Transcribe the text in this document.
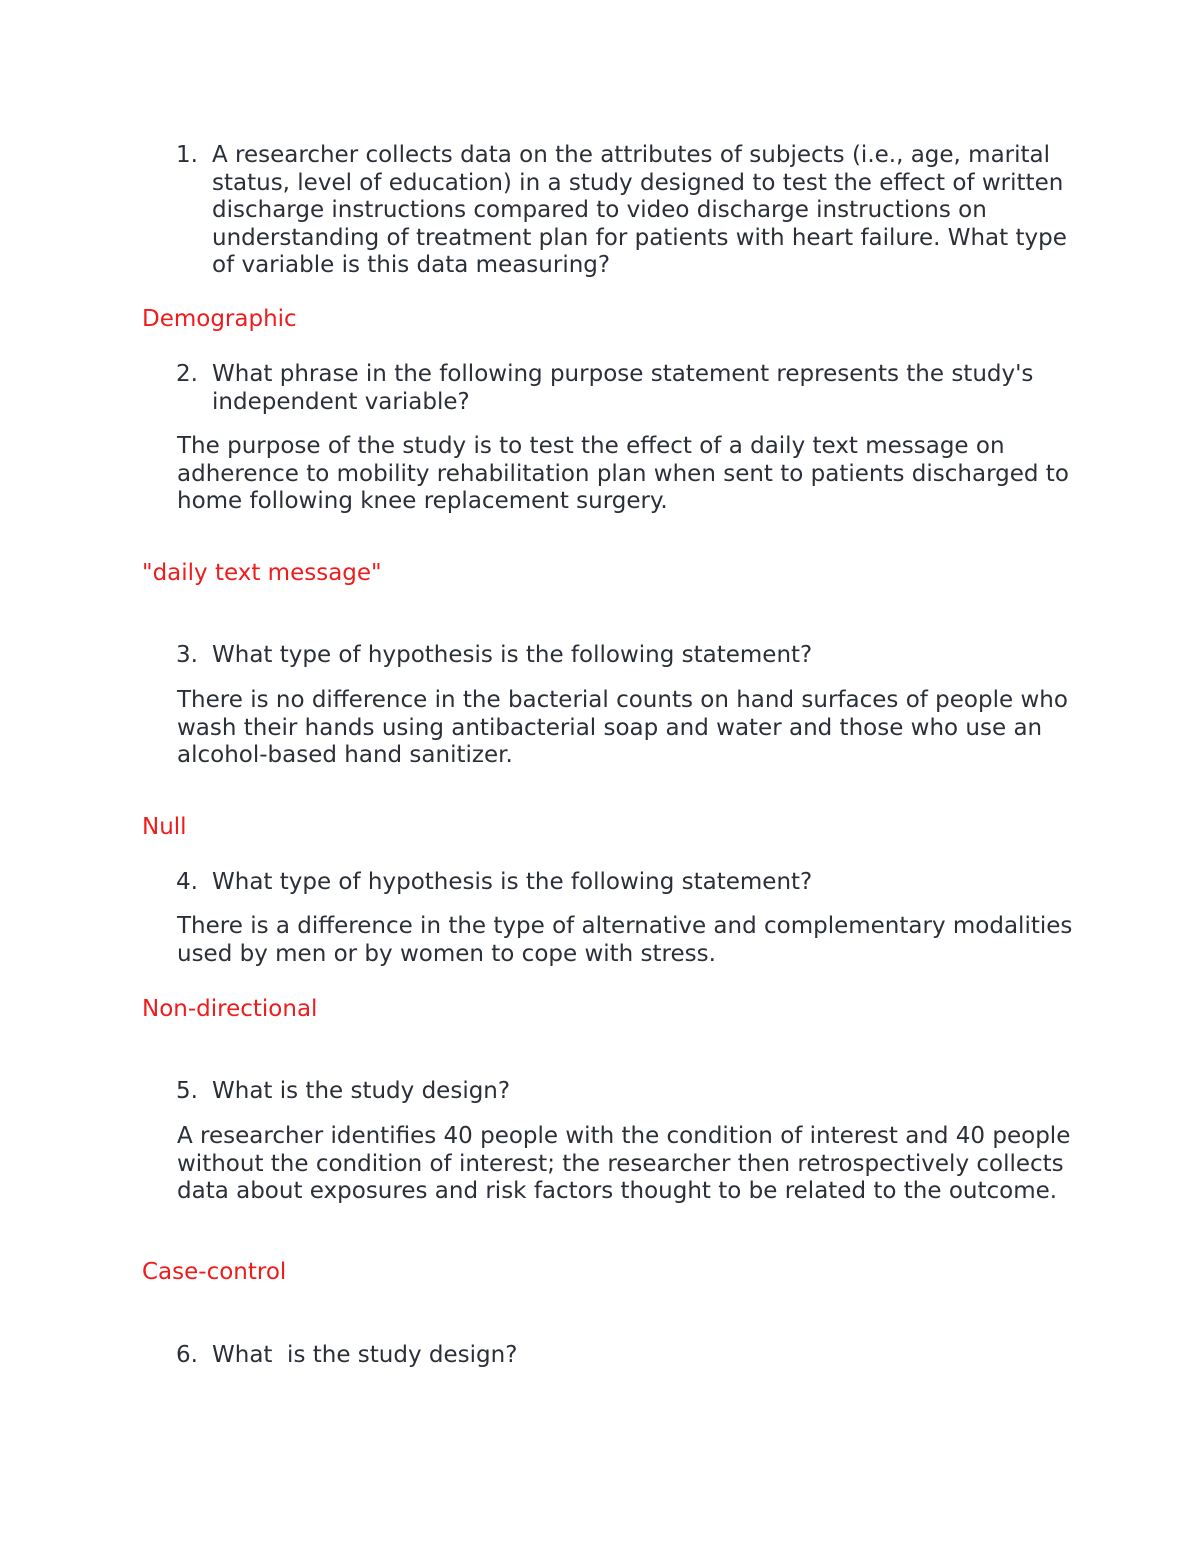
1. A researcher collects data on the attributes of subjects (i.e., age, marital status, level of education) in a study designed to test the effect of written discharge instructions compared to video discharge instructions on understanding of treatment plan for patients with heart failure. What type of variable is this data measuring?
Demographic
2. What phrase in the following purpose statement represents the study's independent variable?
The purpose of the study is to test the effect of a daily text message on adherence to mobility rehabilitation plan when sent to patients discharged to home following knee replacement surgery.
"daily text message"
3. What type of hypothesis is the following statement?
There is no difference in the bacterial counts on hand surfaces of people who wash their hands using antibacterial soap and water and those who use an alcohol-based hand sanitizer.
Null
4. What type of hypothesis is the following statement?
There is a difference in the type of alternative and complementary modalities used by men or by women to cope with stress.
Non-directional
5. What is the study design?
A researcher identifies 40 people with the condition of interest and 40 people without the condition of interest; the researcher then retrospectively collects data about exposures and risk factors thought to be related to the outcome.
Case-control
6. What  is the study design?
